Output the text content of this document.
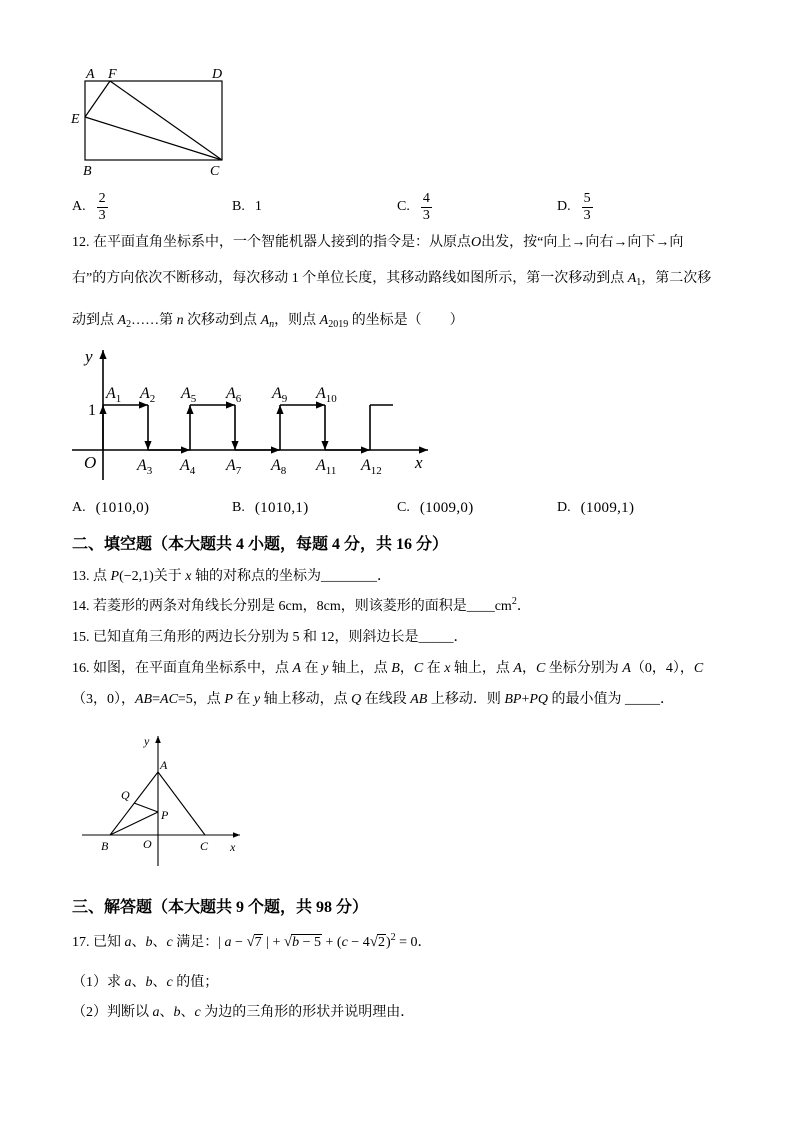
A F	D
E
B	C
A. $\frac{2}{3}$	B. 1	C. $\frac{4}{3}$	D. $\frac{5}{3}$
12. 在平面直角坐标系中，一个智能机器人接到的指令是：从原点O出发，按“向上→向右→向下→向
右”的方向依次不断移动，每次移动 1 个单位长度，其移动路线如图所示，第一次移动到点 $A_1$，第二次移
动到点 $A_2\dots\dots$第 n 次移动到点 $A_n$，则点 $A_{2019}$ 的坐标是（　　）
y
1
O	x
$A_1$ $A_2$
$A_3$ $A_4$
$A_5$ $A_6$
$A_7$ $A_8$
$A_9$ $A_{10}$
$A_{11}$ $A_{12}$
A. (1010,0)	B. (1010,1)	C. (1009,0)	D. (1009,1)
二、填空题（本大题共 4 小题，每题 4 分，共 16 分）
13. 点 P(−2,1)关于 x 轴的对称点的坐标为________．
14. 若菱形的两条对角线长分别是 6cm，8cm，则该菱形的面积是$\_\_\_\_cm^2$．
15. 已知直角三角形的两边长分别为 5 和 12，则斜边长是_____．
16. 如图，在平面直角坐标系中，点 A 在 y 轴上，点 B，C 在 x 轴上，点 A，C 坐标分别为 A（0，4），C
（3，0），AB=AC=5，点 P 在 y 轴上移动，点 Q 在线段 AB 上移动．则 BP+PQ 的最小值为 _____．
y
A
Q
P
B	O	C x
三、解答题（本大题共 9 个题，共 98 分）
17. 已知 a、b、c 满足：| a − √7 | + $√b - 5 + (c - 4√2)^2 = 0$．
（1）求 a、b、c 的值；
（2）判断以 a、b、c 为边的三角形的形状并说明理由．
